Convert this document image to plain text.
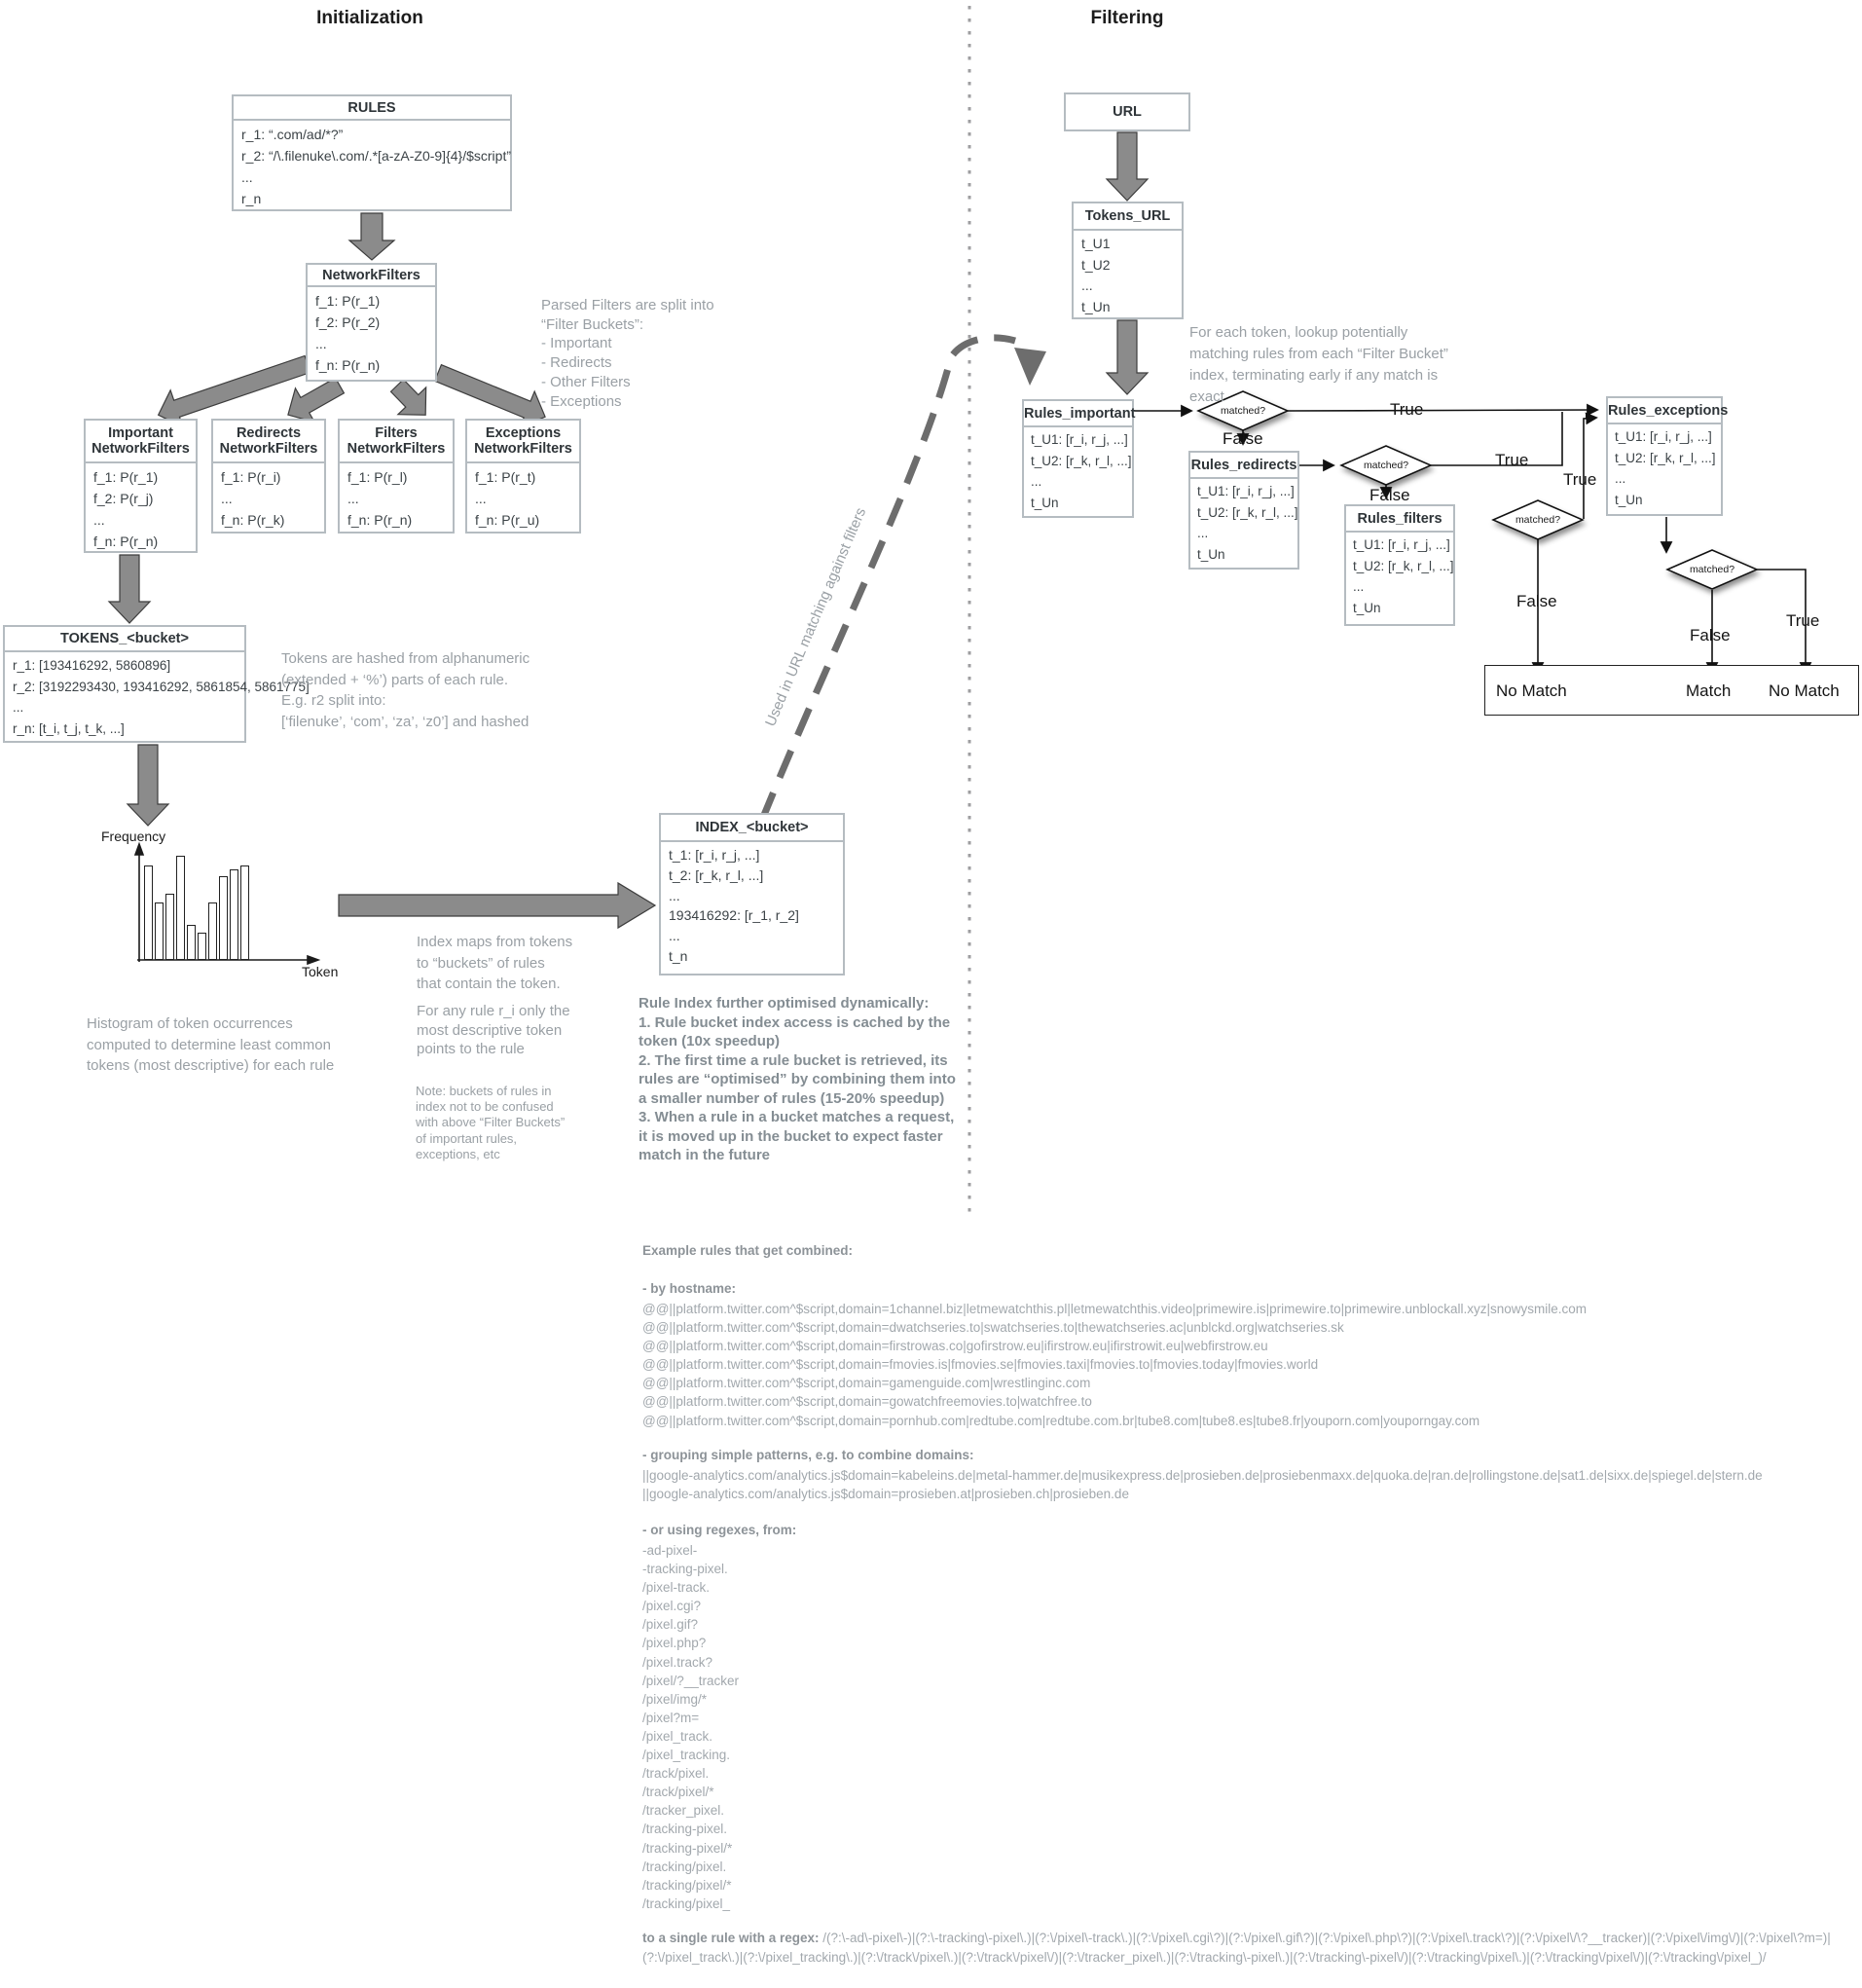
Initialization	Filtering
RULES
r_1: “.com/ad/*?”
r_2: “/\.filenuke\.com/.*[a-zA-Z0-9]{4}/$script”
...
r_n
NetworkFilters
f_1: P(r_1)
f_2: P(r_2)
...
f_n: P(r_n)
Important
NetworkFilters
f_1: P(r_1)
f_2: P(r_j)
...
f_n: P(r_n)
Redirects
NetworkFilters
f_1: P(r_i)
...
f_n: P(r_k)
Filters
NetworkFilters
f_1: P(r_l)
...
f_n: P(r_n)
Exceptions
NetworkFilters
f_1: P(r_t)
...
f_n: P(r_u)
TOKENS_<bucket>
r_1: [193416292, 5860896]
r_2: [3192293430, 193416292, 5861854, 5861775]
...
r_n: [t_i, t_j, t_k, ...]
INDEX_<bucket>
t_1: [r_i, r_j, ...]
t_2: [r_k, r_l, ...]
...
193416292: [r_1, r_2]
...
t_n
Frequency
Token
Histogram of token occurrences
computed to determine least common
tokens (most descriptive) for each rule
Parsed Filters are split into
“Filter Buckets”:
- Important
- Redirects
- Other Filters
- Exceptions
Tokens are hashed from alphanumeric
(extended + ‘%’) parts of each rule.
E.g. r2 split into:
[‘filenuke’, ‘com’, ‘za’, ‘z0’] and hashed
Index maps from tokens
to “buckets” of rules
that contain the token.
For any rule r_i only the
most descriptive token
points to the rule
Note: buckets of rules in
index not to be confused
with above “Filter Buckets”
of important rules,
exceptions, etc
Rule Index further optimised dynamically:
1. Rule bucket index access is cached by the
token (10x speedup)
2. The first time a rule bucket is retrieved, its
rules are “optimised” by combining them into
a smaller number of rules (15-20% speedup)
3. When a rule in a bucket matches a request,
it is moved up in the bucket to expect faster
match in the future
Used in URL matching against filters
URL
Tokens_URL
t_U1
t_U2
...
t_Un
For each token, lookup potentially
matching rules from each “Filter Bucket”
index, terminating early if any match is
exact
Rules_important
t_U1: [r_i, r_j, ...]
t_U2: [r_k, r_l, ...]
...
t_Un
Rules_redirects
t_U1: [r_i, r_j, ...]
t_U2: [r_k, r_l, ...]
...
t_Un
Rules_filters
t_U1: [r_i, r_j, ...]
t_U2: [r_k, r_l, ...]
...
t_Un
Rules_exceptions
t_U1: [r_i, r_j, ...]
t_U2: [r_k, r_l, ...]
...
t_Un
matched?
matched?
matched?
matched?
True
False
True
False
True
False
False
True
No Match	Match No Match
Example rules that get combined:
- by hostname:
@@||platform.twitter.com^$script,domain=1channel.biz|letmewatchthis.pl|letmewatchthis.video|primewire.is|primewire.to|primewire.unblockall.xyz|snowysmile.com
@@||platform.twitter.com^$script,domain=dwatchseries.to|swatchseries.to|thewatchseries.ac|unblckd.org|watchseries.sk
@@||platform.twitter.com^$script,domain=firstrowas.co|gofirstrow.eu|ifirstrow.eu|ifirstrowit.eu|webfirstrow.eu
@@||platform.twitter.com^$script,domain=fmovies.is|fmovies.se|fmovies.taxi|fmovies.to|fmovies.today|fmovies.world
@@||platform.twitter.com^$script,domain=gamenguide.com|wrestlinginc.com
@@||platform.twitter.com^$script,domain=gowatchfreemovies.to|watchfree.to
@@||platform.twitter.com^$script,domain=pornhub.com|redtube.com|redtube.com.br|tube8.com|tube8.es|tube8.fr|youporn.com|youporngay.com
- grouping simple patterns, e.g. to combine domains:
||google-analytics.com/analytics.js$domain=kabeleins.de|metal-hammer.de|musikexpress.de|prosieben.de|prosiebenmaxx.de|quoka.de|ran.de|rollingstone.de|sat1.de|sixx.de|spiegel.de|stern.de
||google-analytics.com/analytics.js$domain=prosieben.at|prosieben.ch|prosieben.de
- or using regexes, from:
-ad-pixel-
-tracking-pixel.
/pixel-track.
/pixel.cgi?
/pixel.gif?
/pixel.php?
/pixel.track?
/pixel/?__tracker
/pixel/img/*
/pixel?m=
/pixel_track.
/pixel_tracking.
/track/pixel.
/track/pixel/*
/tracker_pixel.
/tracking-pixel.
/tracking-pixel/*
/tracking/pixel.
/tracking/pixel/*
/tracking/pixel_
to a single rule with a regex: /(?:\-ad\-pixel\-)|(?:\-tracking\-pixel\.)|(?:\/pixel\-track\.)|(?:\/pixel\.cgi\?)|(?:\/pixel\.gif\?)|(?:\/pixel\.php\?)|(?:\/pixel\.track\?)|(?:\/pixel\/\?__tracker)|(?:\/pixel\/img\/)|(?:\/pixel\?m=)|(?:\/pixel_track\.)|(?:\/pixel_tracking\.)|(?:\/track\/pixel\.)|(?:\/track\/pixel\/)|(?:\/tracker_pixel\.)|(?:\/tracking\-pixel\.)|(?:\/tracking\-pixel\/)|(?:\/tracking\/pixel\.)|(?:\/tracking\/pixel\/)|(?:\/tracking\/pixel_)/
